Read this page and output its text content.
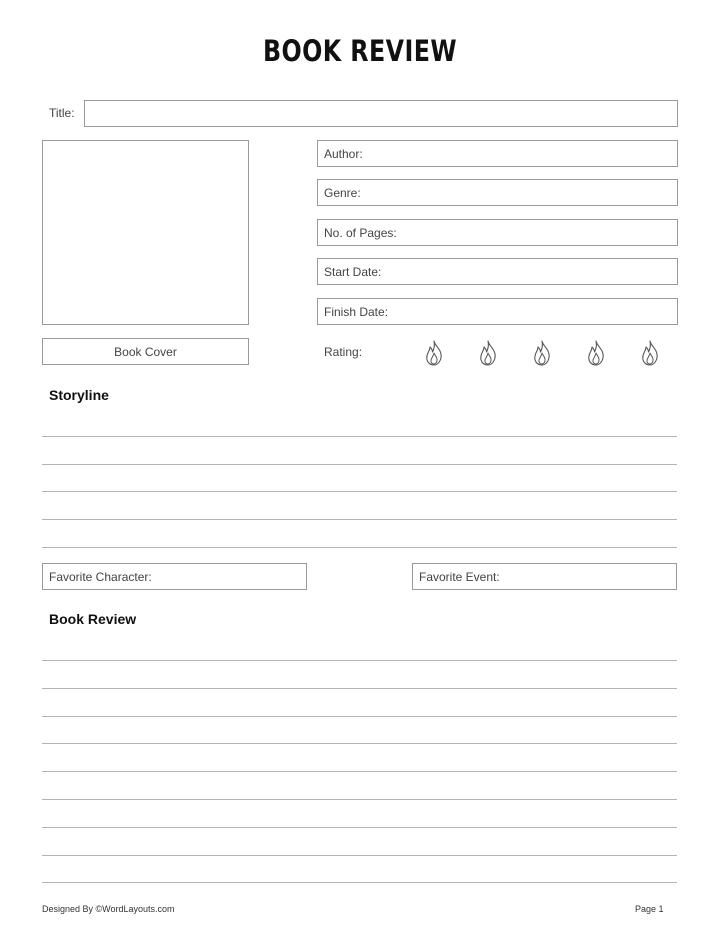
BOOK REVIEW
Title:
Book Cover
Author:
Genre:
No. of Pages:
Start Date:
Finish Date:
Rating:
Storyline
Favorite Character:	Favorite Event:
Book Review
Designed By ©WordLayouts.com	Page 1
